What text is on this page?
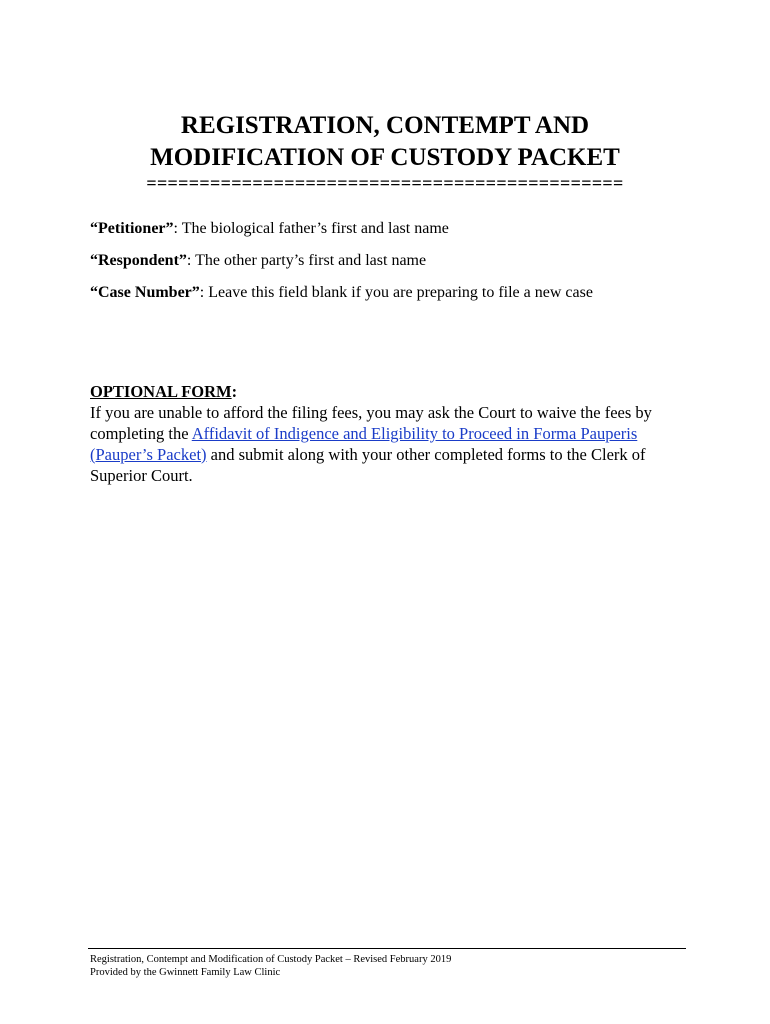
REGISTRATION, CONTEMPT AND
MODIFICATION OF CUSTODY PACKET
=============================================
“Petitioner”: The biological father’s first and last name
“Respondent”: The other party’s first and last name
“Case Number”: Leave this field blank if you are preparing to file a new case
OPTIONAL FORM:
If you are unable to afford the filing fees, you may ask the Court to waive the fees by completing the Affidavit of Indigence and Eligibility to Proceed in Forma Pauperis (Pauper’s Packet) and submit along with your other completed forms to the Clerk of Superior Court.
Registration, Contempt and Modification of Custody Packet – Revised February 2019
Provided by the Gwinnett Family Law Clinic
